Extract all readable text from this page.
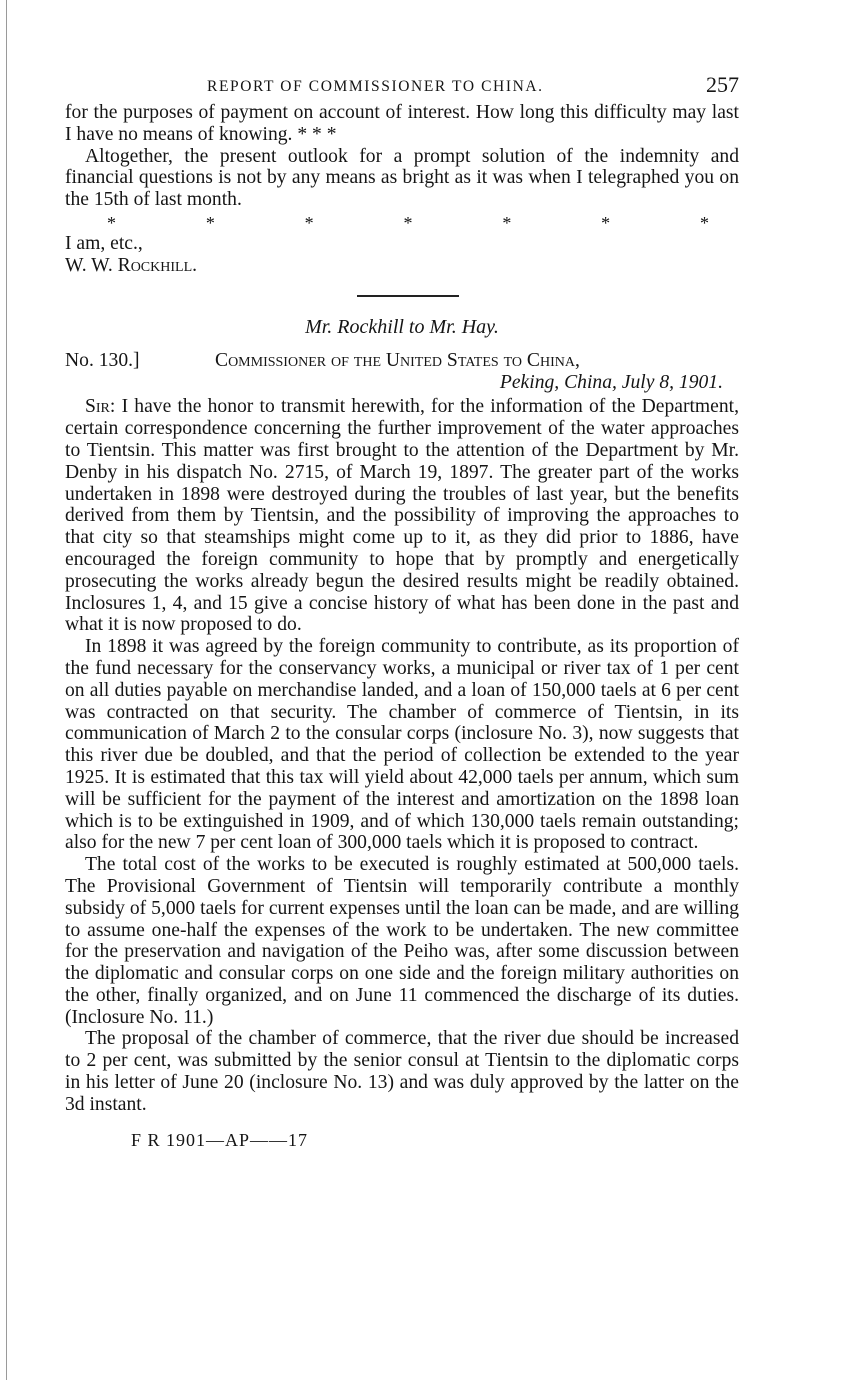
REPORT OF COMMISSIONER TO CHINA.	257

for the purposes of payment on account of interest. How long this difficulty may last I have no means of knowing. * * *

Altogether, the present outlook for a prompt solution of the indemnity and financial questions is not by any means as bright as it was when I telegraphed you on the 15th of last month.

*	*	*	*	*	*	*

I am, etc.,

W. W. Rockhill.

Mr. Rockhill to Mr. Hay.
No. 130.]	Commissioner of the United States to China,
Peking, China, July 8, 1901.

Sir: I have the honor to transmit herewith, for the information of the Department, certain correspondence concerning the further improvement of the water approaches to Tientsin. This matter was first brought to the attention of the Department by Mr. Denby in his dispatch No. 2715, of March 19, 1897. The greater part of the works undertaken in 1898 were destroyed during the troubles of last year, but the benefits derived from them by Tientsin, and the possibility of improving the approaches to that city so that steamships might come up to it, as they did prior to 1886, have encouraged the foreign community to hope that by promptly and energetically prosecuting the works already begun the desired results might be readily obtained. Inclosures 1, 4, and 15 give a concise history of what has been done in the past and what it is now proposed to do.

In 1898 it was agreed by the foreign community to contribute, as its proportion of the fund necessary for the conservancy works, a municipal or river tax of 1 per cent on all duties payable on merchandise landed, and a loan of 150,000 taels at 6 per cent was contracted on that security. The chamber of commerce of Tientsin, in its communication of March 2 to the consular corps (inclosure No. 3), now suggests that this river due be doubled, and that the period of collection be extended to the year 1925. It is estimated that this tax will yield about 42,000 taels per annum, which sum will be sufficient for the payment of the interest and amortization on the 1898 loan which is to be extinguished in 1909, and of which 130,000 taels remain outstanding; also for the new 7 per cent loan of 300,000 taels which it is proposed to contract.

The total cost of the works to be executed is roughly estimated at 500,000 taels. The Provisional Government of Tientsin will temporarily contribute a monthly subsidy of 5,000 taels for current expenses until the loan can be made, and are willing to assume one-half the expenses of the work to be undertaken. The new committee for the preservation and navigation of the Peiho was, after some discussion between the diplomatic and consular corps on one side and the foreign military authorities on the other, finally organized, and on June 11 commenced the discharge of its duties. (Inclosure No. 11.)

The proposal of the chamber of commerce, that the river due should be increased to 2 per cent, was submitted by the senior consul at Tientsin to the diplomatic corps in his letter of June 20 (inclosure No. 13) and was duly approved by the latter on the 3d instant.

F R 1901—AP——17
